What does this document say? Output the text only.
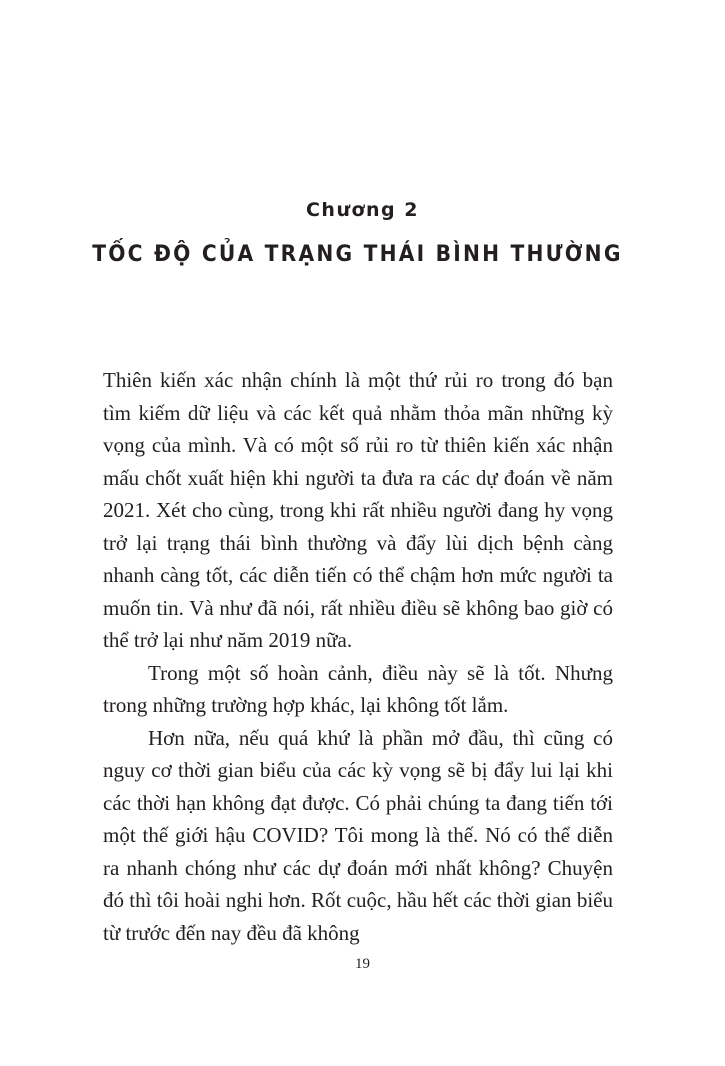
Chương 2
TỐC ĐỘ CỦA TRẠNG THÁI BÌNH THƯỜNG

Thiên kiến xác nhận chính là một thứ rủi ro trong đó bạn tìm kiếm dữ liệu và các kết quả nhằm thỏa mãn những kỳ vọng của mình. Và có một số rủi ro từ thiên kiến xác nhận mấu chốt xuất hiện khi người ta đưa ra các dự đoán về năm 2021. Xét cho cùng, trong khi rất nhiều người đang hy vọng trở lại trạng thái bình thường và đẩy lùi dịch bệnh càng nhanh càng tốt, các diễn tiến có thể chậm hơn mức người ta muốn tin. Và như đã nói, rất nhiều điều sẽ không bao giờ có thể trở lại như năm 2019 nữa.

Trong một số hoàn cảnh, điều này sẽ là tốt. Nhưng trong những trường hợp khác, lại không tốt lắm.

Hơn nữa, nếu quá khứ là phần mở đầu, thì cũng có nguy cơ thời gian biểu của các kỳ vọng sẽ bị đẩy lui lại khi các thời hạn không đạt được. Có phải chúng ta đang tiến tới một thế giới hậu COVID? Tôi mong là thế. Nó có thể diễn ra nhanh chóng như các dự đoán mới nhất không? Chuyện đó thì tôi hoài nghi hơn. Rốt cuộc, hầu hết các thời gian biểu từ trước đến nay đều đã không

19
